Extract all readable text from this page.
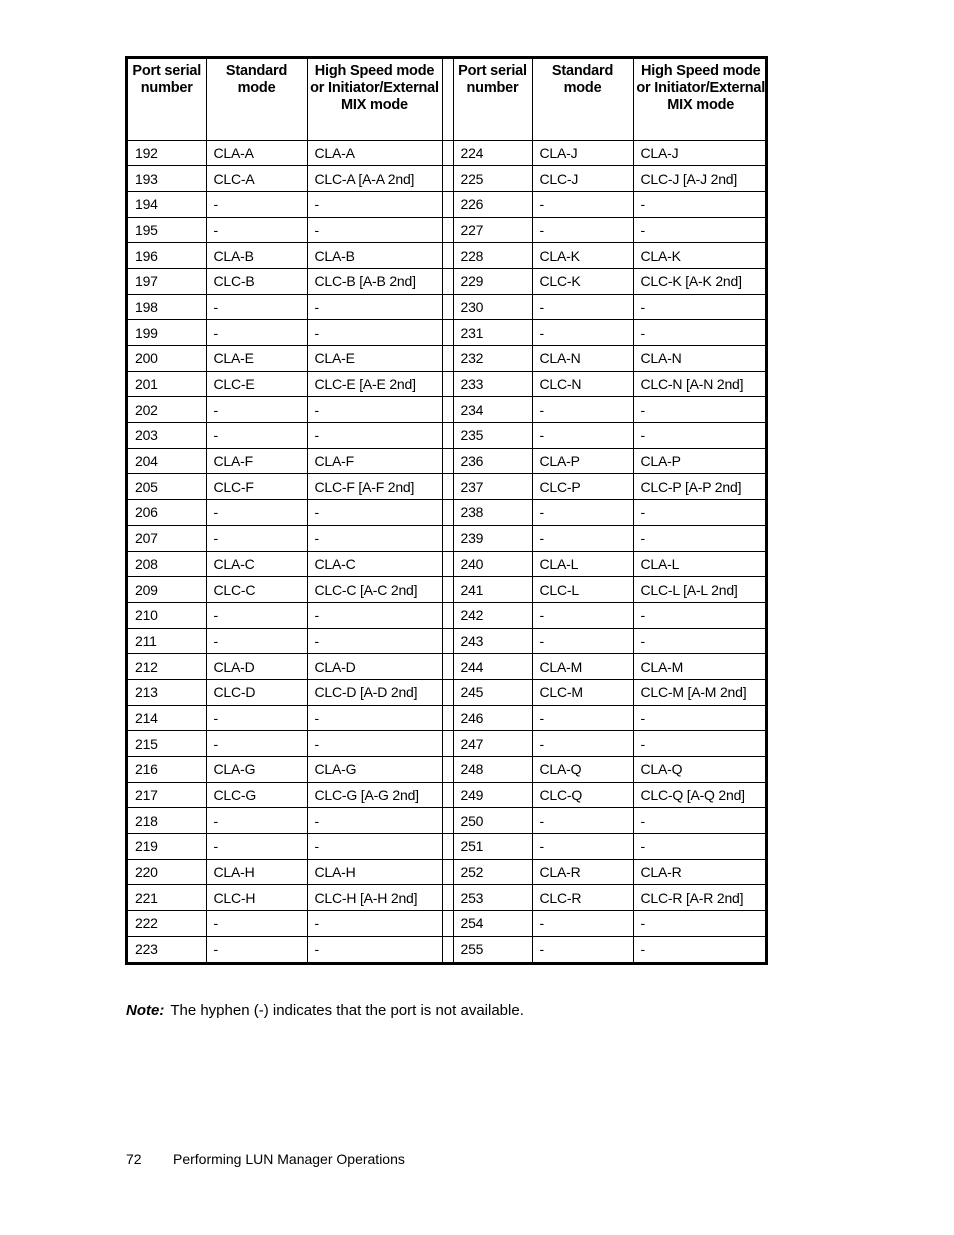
Port serial number	Standard mode	High Speed mode or Initiator/External MIX mode		Port serial number	Standard mode	High Speed mode or Initiator/External MIX mode
192	CLA-A	CLA-A		224	CLA-J	CLA-J
193	CLC-A	CLC-A [A-A 2nd]		225	CLC-J	CLC-J [A-J 2nd]
194	-	-		226	-	-
195	-	-		227	-	-
196	CLA-B	CLA-B		228	CLA-K	CLA-K
197	CLC-B	CLC-B [A-B 2nd]		229	CLC-K	CLC-K [A-K 2nd]
198	-	-		230	-	-
199	-	-		231	-	-
200	CLA-E	CLA-E		232	CLA-N	CLA-N
201	CLC-E	CLC-E [A-E 2nd]		233	CLC-N	CLC-N [A-N 2nd]
202	-	-		234	-	-
203	-	-		235	-	-
204	CLA-F	CLA-F		236	CLA-P	CLA-P
205	CLC-F	CLC-F [A-F 2nd]		237	CLC-P	CLC-P [A-P 2nd]
206	-	-		238	-	-
207	-	-		239	-	-
208	CLA-C	CLA-C		240	CLA-L	CLA-L
209	CLC-C	CLC-C [A-C 2nd]		241	CLC-L	CLC-L [A-L 2nd]
210	-	-		242	-	-
211	-	-		243	-	-
212	CLA-D	CLA-D		244	CLA-M	CLA-M
213	CLC-D	CLC-D [A-D 2nd]		245	CLC-M	CLC-M [A-M 2nd]
214	-	-		246	-	-
215	-	-		247	-	-
216	CLA-G	CLA-G		248	CLA-Q	CLA-Q
217	CLC-G	CLC-G [A-G 2nd]		249	CLC-Q	CLC-Q [A-Q 2nd]
218	-	-		250	-	-
219	-	-		251	-	-
220	CLA-H	CLA-H		252	CLA-R	CLA-R
221	CLC-H	CLC-H [A-H 2nd]		253	CLC-R	CLC-R [A-R 2nd]
222	-	-		254	-	-
223	-	-		255	-	-
Note: The hyphen (-) indicates that the port is not available.
72 Performing LUN Manager Operations
